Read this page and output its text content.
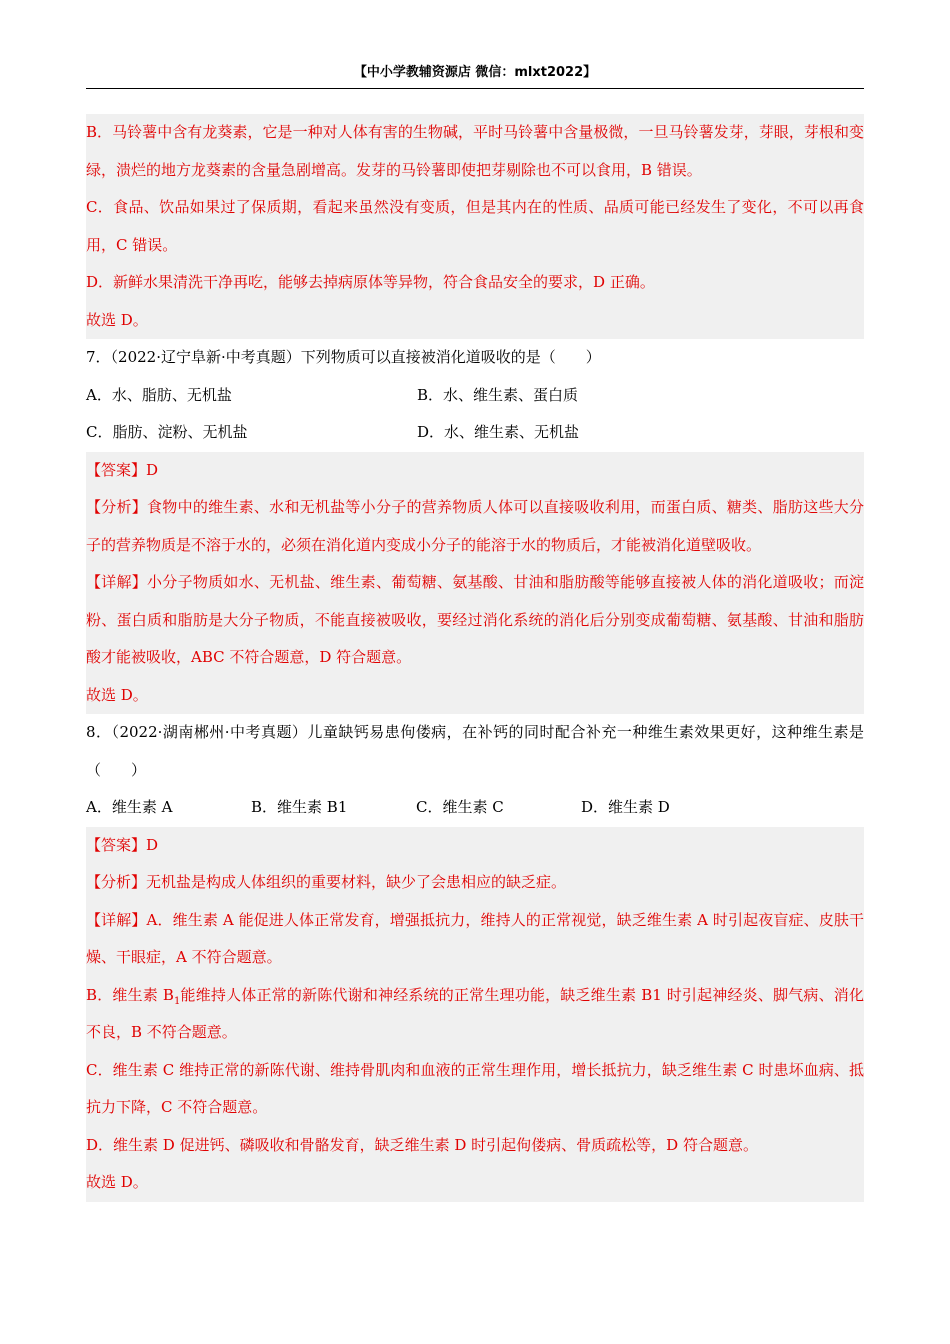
【中小学教辅资源店 微信：mlxt2022】
B．马铃薯中含有龙葵素，它是一种对人体有害的生物碱，平时马铃薯中含量极微，一旦马铃薯发芽，芽眼，芽根和变绿，溃烂的地方龙葵素的含量急剧增高。发芽的马铃薯即使把芽剔除也不可以食用，B 错误。
C．食品、饮品如果过了保质期，看起来虽然没有变质，但是其内在的性质、品质可能已经发生了变化，不可以再食用，C 错误。
D．新鲜水果清洗干净再吃，能够去掉病原体等异物，符合食品安全的要求，D 正确。
故选 D。
7．（2022·辽宁阜新·中考真题）下列物质可以直接被消化道吸收的是（　　）
A．水、脂肪、无机盐	B．水、维生素、蛋白质
C．脂肪、淀粉、无机盐	D．水、维生素、无机盐
【答案】D
【分析】食物中的维生素、水和无机盐等小分子的营养物质人体可以直接吸收利用，而蛋白质、糖类、脂肪这些大分子的营养物质是不溶于水的，必须在消化道内变成小分子的能溶于水的物质后，才能被消化道壁吸收。
【详解】小分子物质如水、无机盐、维生素、葡萄糖、氨基酸、甘油和脂肪酸等能够直接被人体的消化道吸收；而淀粉、蛋白质和脂肪是大分子物质，不能直接被吸收，要经过消化系统的消化后分别变成葡萄糖、氨基酸、甘油和脂肪酸才能被吸收，ABC 不符合题意，D 符合题意。
故选 D。
8．（2022·湖南郴州·中考真题）儿童缺钙易患佝偻病，在补钙的同时配合补充一种维生素效果更好，这种维生素是（　　）
A．维生素 A	B．维生素 B1	C．维生素 C	D．维生素 D
【答案】D
【分析】无机盐是构成人体组织的重要材料，缺少了会患相应的缺乏症。
【详解】A．维生素 A 能促进人体正常发育，增强抵抗力，维持人的正常视觉，缺乏维生素 A 时引起夜盲症、皮肤干燥、干眼症，A 不符合题意。
B．维生素 $B_1$能维持人体正常的新陈代谢和神经系统的正常生理功能，缺乏维生素 B1 时引起神经炎、脚气病、消化不良，B 不符合题意。
C．维生素 C 维持正常的新陈代谢、维持骨肌肉和血液的正常生理作用，增长抵抗力，缺乏维生素 C 时患坏血病、抵抗力下降，C 不符合题意。
D．维生素 D 促进钙、磷吸收和骨骼发育，缺乏维生素 D 时引起佝偻病、骨质疏松等，D 符合题意。
故选 D。
